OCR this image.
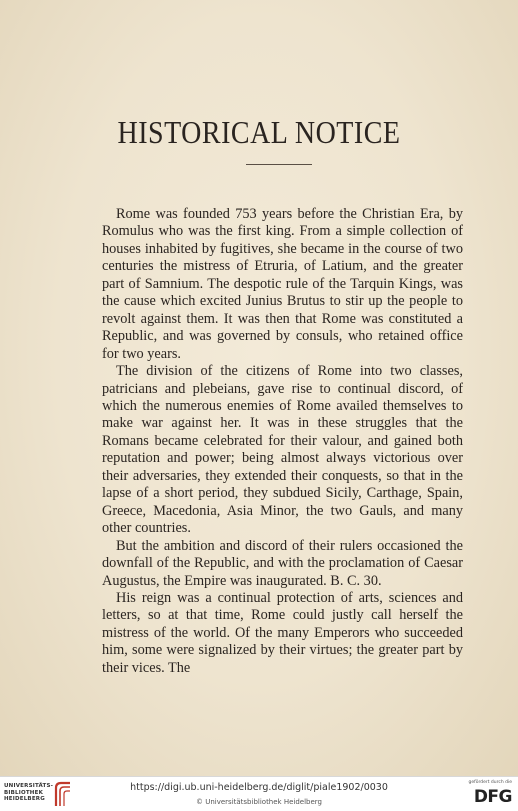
HISTORICAL NOTICE

Rome was founded 753 years before the Christian Era, by Romulus who was the first king. From a simple collection of houses inhabited by fugitives, she became in the course of two centuries the mistress of Etruria, of Latium, and the greater part of Samnium. The despotic rule of the Tarquin Kings, was the cause which excited Junius Brutus to stir up the people to revolt against them. It was then that Rome was constituted a Republic, and was governed by consuls, who retained office for two years.

The division of the citizens of Rome into two classes, patricians and plebeians, gave rise to continual discord, of which the numerous enemies of Rome availed themselves to make war against her. It was in these struggles that the Romans became celebrated for their valour, and gained both reputation and power; being almost always victorious over their adversaries, they extended their conquests, so that in the lapse of a short period, they subdued Sicily, Carthage, Spain, Greece, Macedonia, Asia Minor, the two Gauls, and many other countries.

But the ambition and discord of their rulers occasioned the downfall of the Republic, and with the proclamation of Caesar Augustus, the Empire was inaugurated. B. C. 30.

His reign was a continual protection of arts, sciences and letters, so at that time, Rome could justly call herself the mistress of the world. Of the many Emperors who succeeded him, some were signalized by their virtues; the greater part by their vices. The

UNIVERSITÄTS-
BIBLIOTHEK
HEIDELBERG
https://digi.ub.uni-heidelberg.de/diglit/piale1902/0030
© Universitätsbibliothek Heidelberg
gefördert durch die
DFG
